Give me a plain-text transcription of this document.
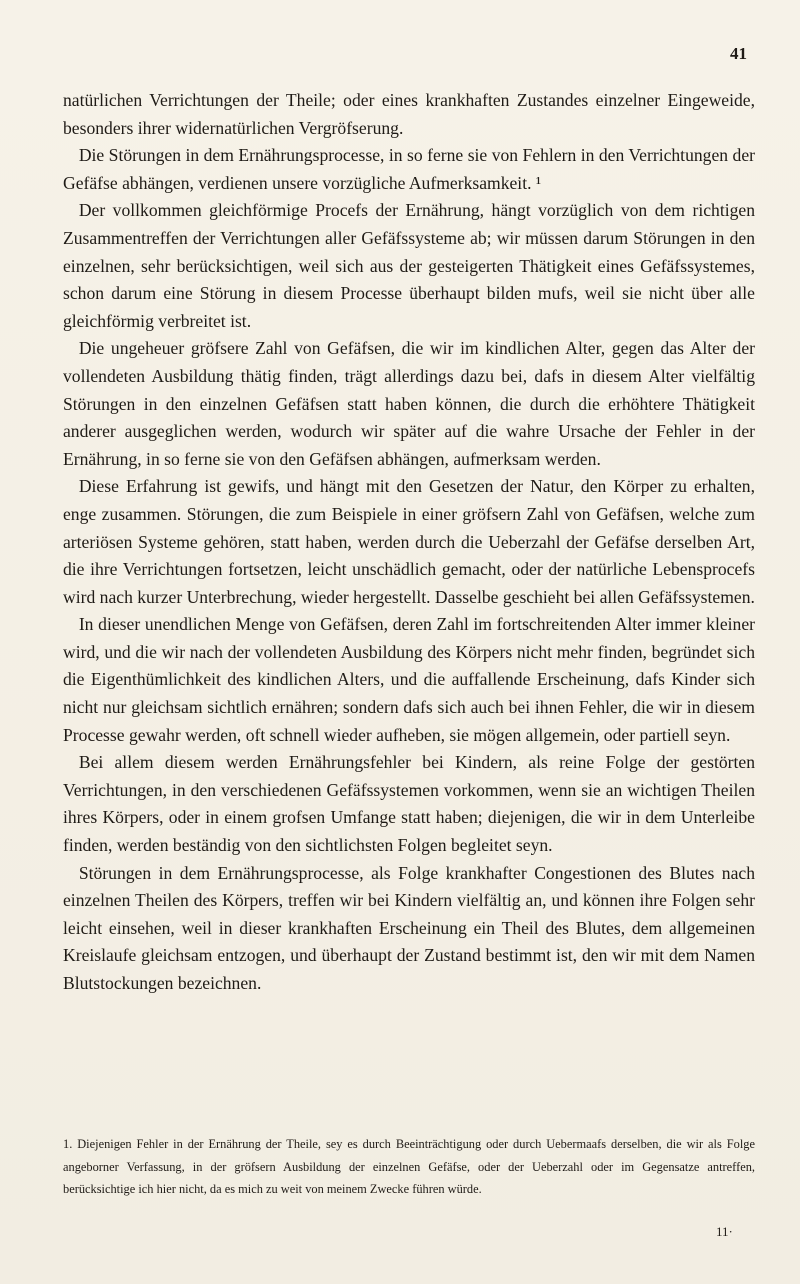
41

natürlichen Verrichtungen der Theile; oder eines krankhaften Zustandes einzelner Eingeweide, besonders ihrer widernatürlichen Vergröfserung.

Die Störungen in dem Ernährungsprocesse, in so ferne sie von Fehlern in den Verrichtungen der Gefäfse abhängen, verdienen unsere vorzügliche Aufmerksamkeit. ¹

Der vollkommen gleichförmige Procefs der Ernährung, hängt vorzüglich von dem richtigen Zusammentreffen der Verrichtungen aller Gefäfssysteme ab; wir müssen darum Störungen in den einzelnen, sehr berücksichtigen, weil sich aus der gesteigerten Thätigkeit eines Gefäfssystemes, schon darum eine Störung in diesem Processe überhaupt bilden mufs, weil sie nicht über alle gleichförmig verbreitet ist.

Die ungeheuer gröfsere Zahl von Gefäfsen, die wir im kindlichen Alter, gegen das Alter der vollendeten Ausbildung thätig finden, trägt allerdings dazu bei, dafs in diesem Alter vielfältig Störungen in den einzelnen Gefäfsen statt haben können, die durch die erhöhtere Thätigkeit anderer ausgeglichen werden, wodurch wir später auf die wahre Ursache der Fehler in der Ernährung, in so ferne sie von den Gefäfsen abhängen, aufmerksam werden.

Diese Erfahrung ist gewifs, und hängt mit den Gesetzen der Natur, den Körper zu erhalten, enge zusammen. Störungen, die zum Beispiele in einer gröfsern Zahl von Gefäfsen, welche zum arteriösen Systeme gehören, statt haben, werden durch die Ueberzahl der Gefäfse derselben Art, die ihre Verrichtungen fortsetzen, leicht unschädlich gemacht, oder der natürliche Lebensprocefs wird nach kurzer Unterbrechung, wieder hergestellt. Dasselbe geschieht bei allen Gefäfssystemen.

In dieser unendlichen Menge von Gefäfsen, deren Zahl im fortschreitenden Alter immer kleiner wird, und die wir nach der vollendeten Ausbildung des Körpers nicht mehr finden, begründet sich die Eigenthümlichkeit des kindlichen Alters, und die auffallende Erscheinung, dafs Kinder sich nicht nur gleichsam sichtlich ernähren; sondern dafs sich auch bei ihnen Fehler, die wir in diesem Processe gewahr werden, oft schnell wieder aufheben, sie mögen allgemein, oder partiell seyn.

Bei allem diesem werden Ernährungsfehler bei Kindern, als reine Folge der gestörten Verrichtungen, in den verschiedenen Gefäfssystemen vorkommen, wenn sie an wichtigen Theilen ihres Körpers, oder in einem grofsen Umfange statt haben; diejenigen, die wir in dem Unterleibe finden, werden beständig von den sichtlichsten Folgen begleitet seyn.

Störungen in dem Ernährungsprocesse, als Folge krankhafter Congestionen des Blutes nach einzelnen Theilen des Körpers, treffen wir bei Kindern vielfältig an, und können ihre Folgen sehr leicht einsehen, weil in dieser krankhaften Erscheinung ein Theil des Blutes, dem allgemeinen Kreislaufe gleichsam entzogen, und überhaupt der Zustand bestimmt ist, den wir mit dem Namen Blutstockungen bezeichnen.

1. Diejenigen Fehler in der Ernährung der Theile, sey es durch Beeinträchtigung oder durch Uebermaafs derselben, die wir als Folge angeborner Verfassung, in der gröfsern Ausbildung der einzelnen Gefäfse, oder der Ueberzahl oder im Gegensatze antreffen, berücksichtige ich hier nicht, da es mich zu weit von meinem Zwecke führen würde.

11·
